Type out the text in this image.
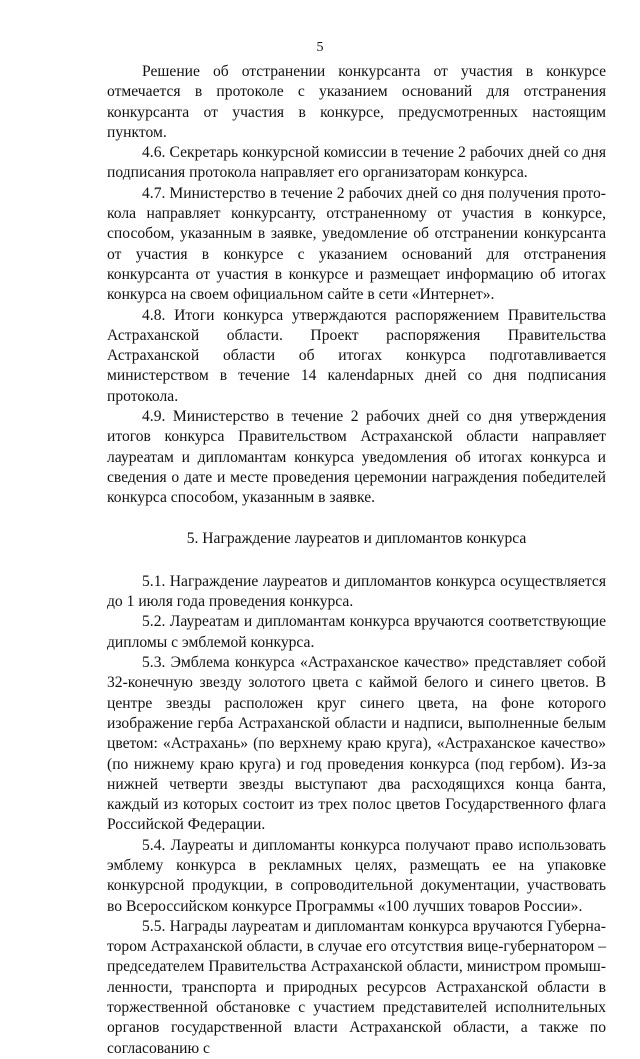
5

Решение об отстранении конкурсанта от участия в конкурсе отмечается в протоколе с указанием оснований для отстранения конкурсанта от участия в конкурсе, предусмотренных настоящим пунктом.

4.6. Секретарь конкурсной комиссии в течение 2 рабочих дней со дня подписания протокола направляет его организаторам конкурса.

4.7. Министерство в течение 2 рабочих дней со дня получения протокола направляет конкурсанту, отстраненному от участия в конкурсе, способом, указанным в заявке, уведомление об отстранении конкурсанта от участия в конкурсе с указанием оснований для отстранения конкурсанта от участия в конкурсе и размещает информацию об итогах конкурса на своем официальном сайте в сети «Интернет».

4.8. Итоги конкурса утверждаются распоряжением Правительства Астраханской области. Проект распоряжения Правительства Астраханской области об итогах конкурса подготавливается министерством в течение 14 каленdарных дней со дня подписания протокола.

4.9. Министерство в течение 2 рабочих дней со дня утверждения итогов конкурса Правительством Астраханской области направляет лауреатам и дипломантам конкурса уведомления об итогах конкурса и сведения о дате и месте проведения церемонии награждения победителей конкурса способом, указанным в заявке.

5. Награждение лауреатов и дипломантов конкурса

5.1. Награждение лауреатов и дипломантов конкурса осуществляется до 1 июля года проведения конкурса.

5.2. Лауреатам и дипломантам конкурса вручаются соответствующие дипломы с эмблемой конкурса.

5.3. Эмблема конкурса «Астраханское качество» представляет собой 32-конечную звезду золотого цвета с каймой белого и синего цветов. В центре звезды расположен круг синего цвета, на фоне которого изображение герба Астраханской области и надписи, выполненные белым цветом: «Астрахань» (по верхнему краю круга), «Астраханское качество» (по нижнему краю круга) и год проведения конкурса (под гербом). Из-за нижней четверти звезды выступают два расходящихся конца банта, каждый из которых состоит из трех полос цветов Государственного флага Российской Федерации.

5.4. Лауреаты и дипломанты конкурса получают право использовать эмблему конкурса в рекламных целях, размещать ее на упаковке конкурсной продукции, в сопроводительной документации, участвовать во Всероссийском конкурсе Программы «100 лучших товаров России».

5.5. Награды лауреатам и дипломантам конкурса вручаются Губернатором Астраханской области, в случае его отсутствия вице-губернатором – председателем Правительства Астраханской области, министром промышленности, транспорта и природных ресурсов Астраханской области в торжественной обстановке с участием представителей исполнительных органов государственной власти Астраханской области, а также по согласованию с
